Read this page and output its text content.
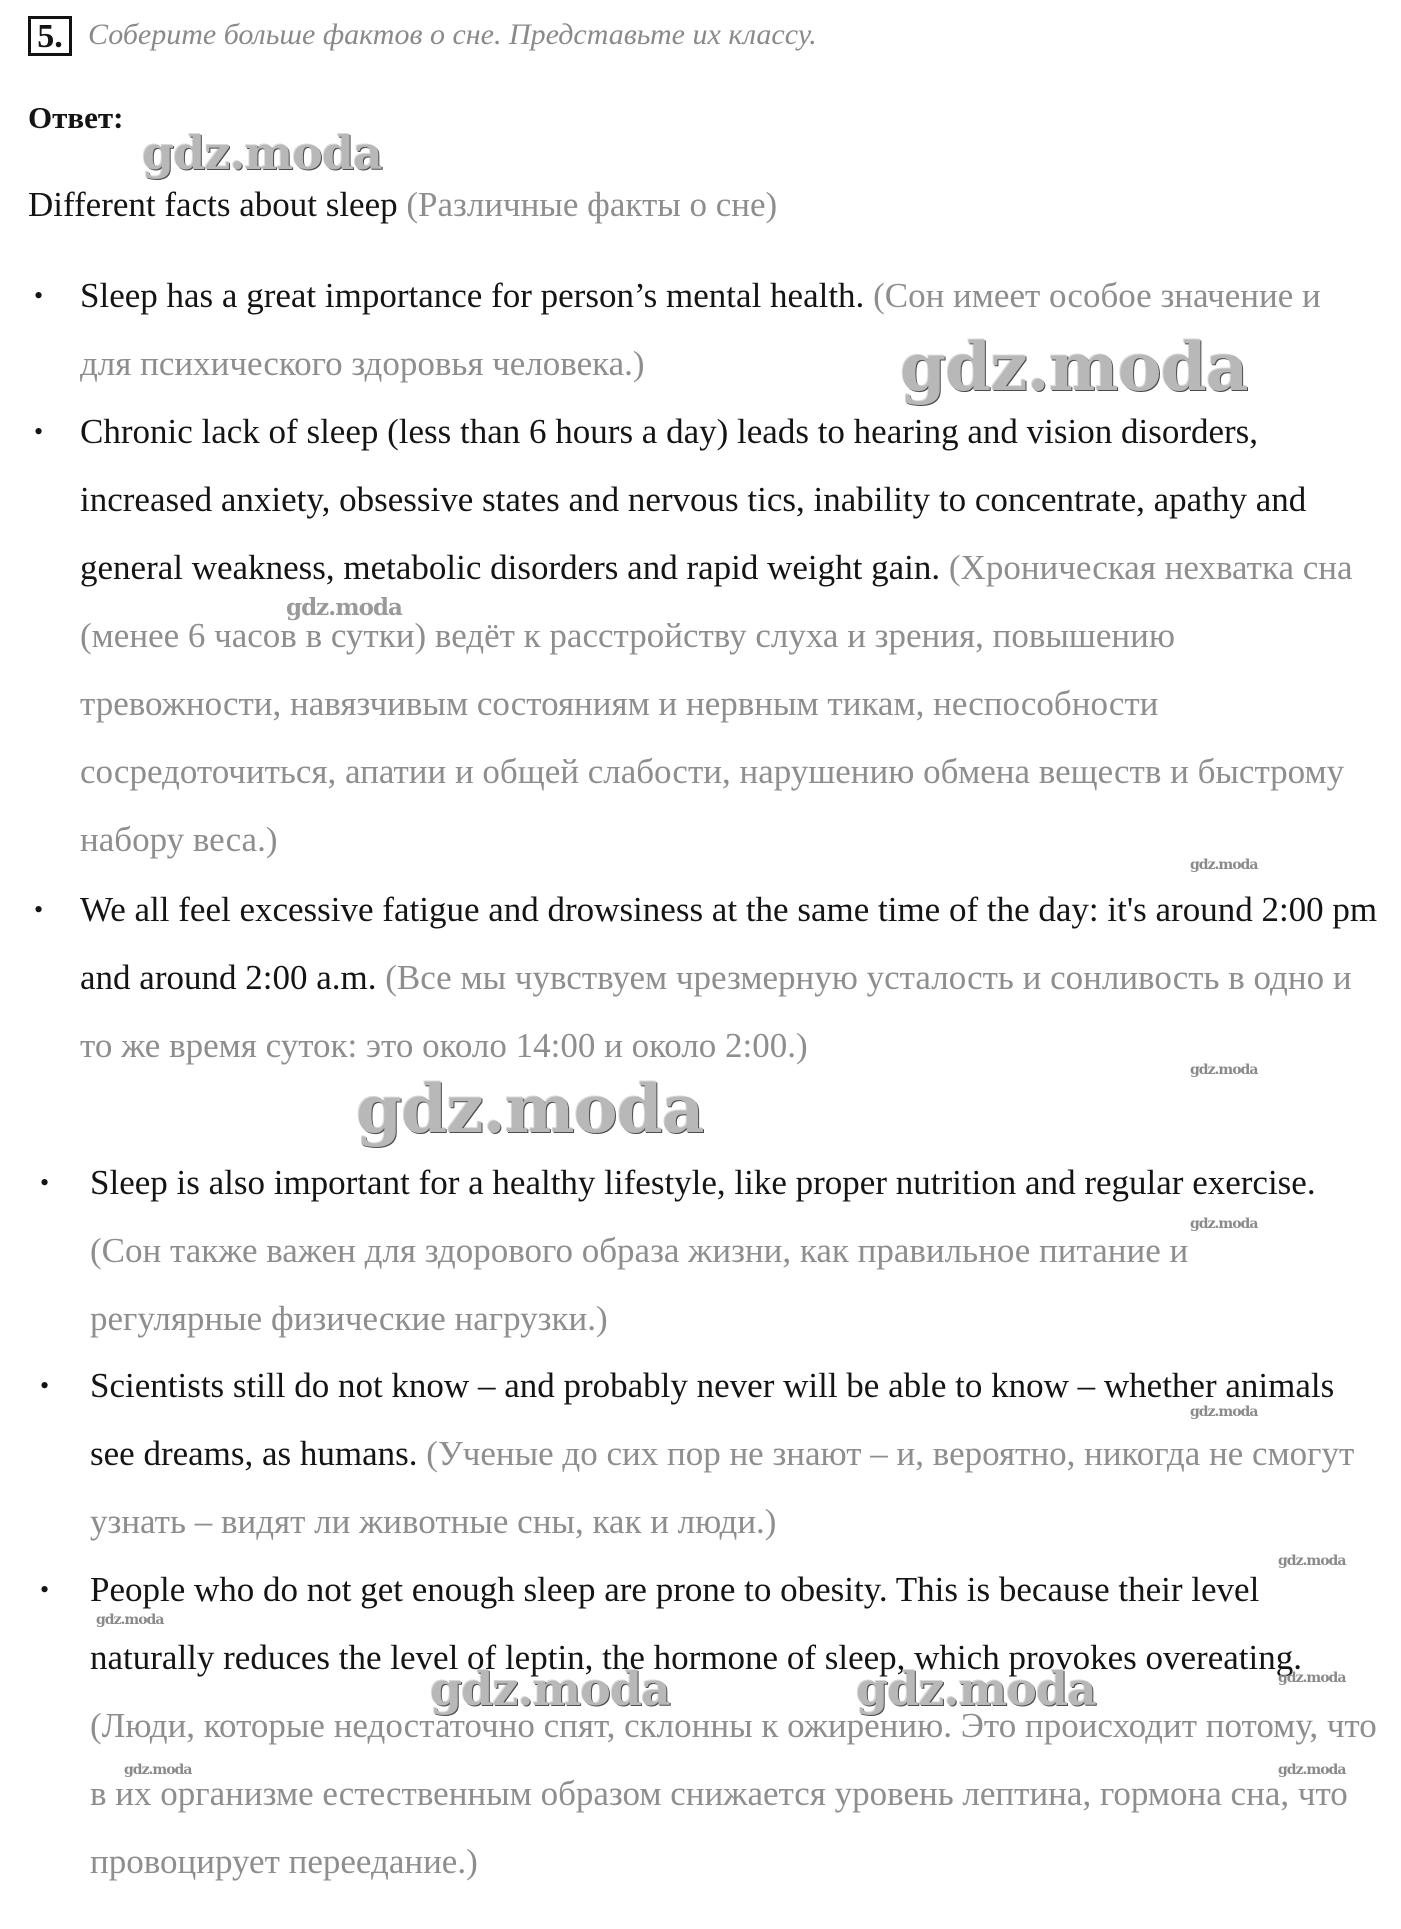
5. Соберите больше фактов о сне. Представьте их классу.
Ответ:
Different facts about sleep (Различные факты о сне)
• Sleep has a great importance for person’s mental health. (Сон имеет особое значение и для психического здоровья человека.)
• Chronic lack of sleep (less than 6 hours a day) leads to hearing and vision disorders, increased anxiety, obsessive states and nervous tics, inability to concentrate, apathy and general weakness, metabolic disorders and rapid weight gain. (Хроническая нехватка сна (менее 6 часов в сутки) ведёт к расстройству слуха и зрения, повышению тревожности, навязчивым состояниям и нервным тикам, неспособности сосредоточиться, апатии и общей слабости, нарушению обмена веществ и быстрому набору веса.)
• We all feel excessive fatigue and drowsiness at the same time of the day: it's around 2:00 pm and around 2:00 a.m. (Все мы чувствуем чрезмерную усталость и сонливость в одно и то же время суток: это около 14:00 и около 2:00.)
• Sleep is also important for a healthy lifestyle, like proper nutrition and regular exercise. (Сон также важен для здорового образа жизни, как правильное питание и регулярные физические нагрузки.)
• Scientists still do not know – and probably never will be able to know – whether animals see dreams, as humans. (Ученые до сих пор не знают – и, вероятно, никогда не смогут узнать – видят ли животные сны, как и люди.)
• People who do not get enough sleep are prone to obesity. This is because their level naturally reduces the level of leptin, the hormone of sleep, which provokes overeating. (Люди, которые недостаточно спят, склонны к ожирению. Это происходит потому, что в их организме естественным образом снижается уровень лептина, гормона сна, что провоцирует переедание.)
gdz.moda
gdz.moda
gdz.moda
gdz.moda
gdz.moda	gdz.moda
gdz.moda
gdz.moda
gdz.moda
gdz.moda
gdz.moda
gdz.moda	gdz.moda
gdz.moda	gdz.moda
